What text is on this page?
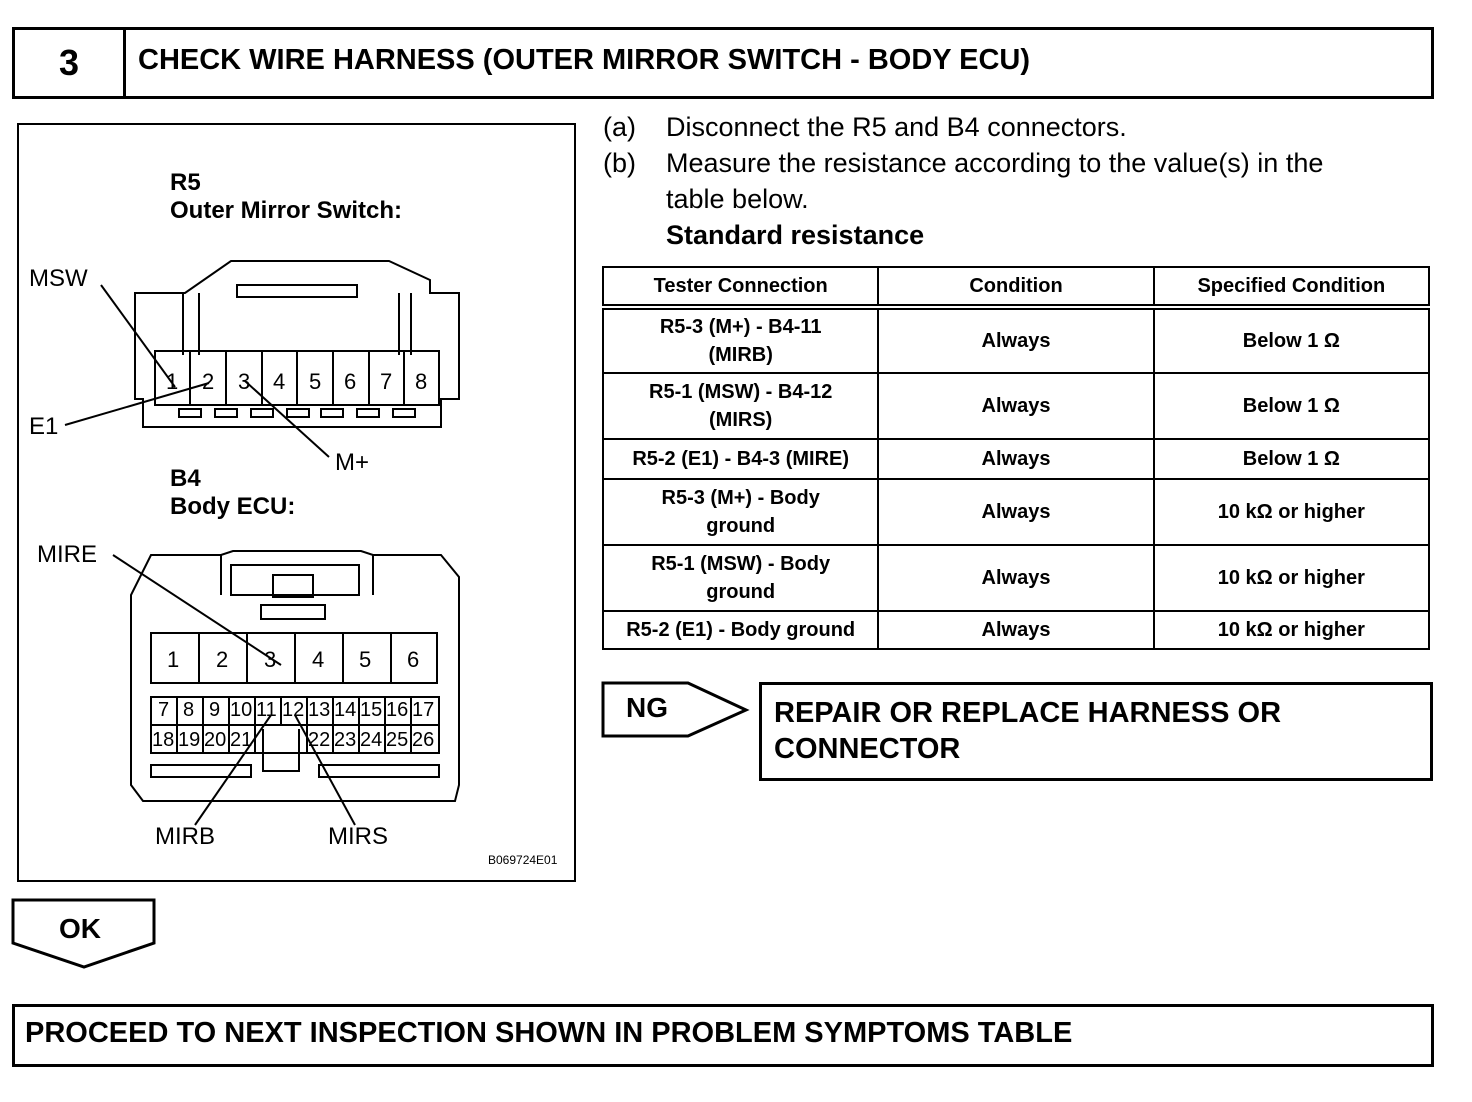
3	CHECK WIRE HARNESS (OUTER MIRROR SWITCH - BODY ECU)
R5
Outer Mirror Switch:
1 2 3 4 5 6 7 8
MSW
E1
M+
B4
Body ECU:
1 2 3 4 5 6
7 8 9 10 11 12 13 14 15 16 17
18 19 20 21	22 23 24 25 26
MIRE
MIRB	MIRS
B069724E01
(a) Disconnect the R5 and B4 connectors.
(b) Measure the resistance according to the value(s) in the
table below.
Standard resistance
Tester Connection	Condition	Specified Condition
R5-3 (M+) - B4-11
(MIRB)	Always	Below 1 Ω
R5-1 (MSW) - B4-12
(MIRS)	Always	Below 1 Ω
R5-2 (E1) - B4-3 (MIRE)	Always	Below 1 Ω
R5-3 (M+) - Body
ground	Always	10 kΩ or higher
R5-1 (MSW) - Body
ground	Always	10 kΩ or higher
R5-2 (E1) - Body ground	Always	10 kΩ or higher
NG	REPAIR OR REPLACE HARNESS OR
CONNECTOR
OK
PROCEED TO NEXT INSPECTION SHOWN IN PROBLEM SYMPTOMS TABLE
